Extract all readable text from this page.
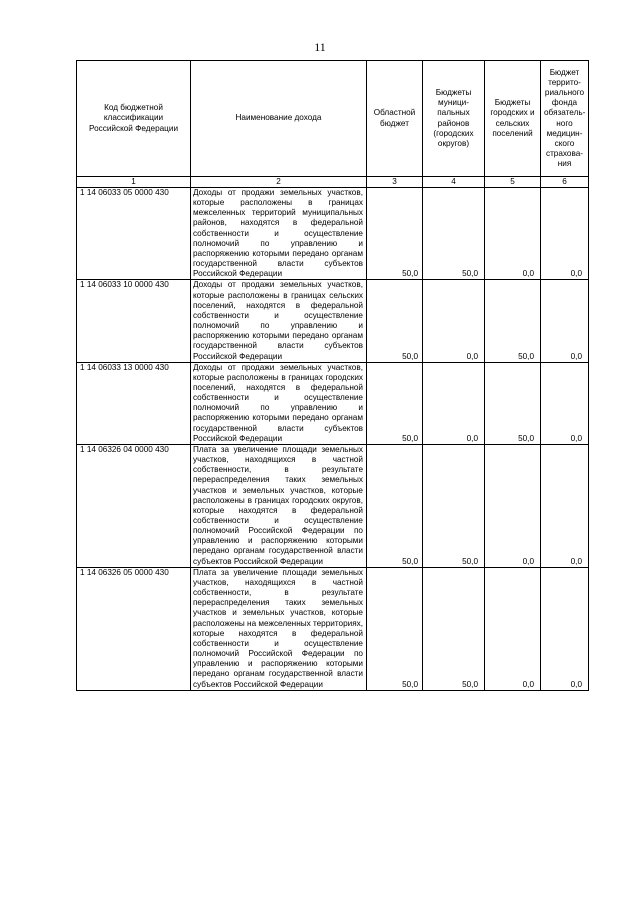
11
Код бюджетной классификации Российской Федерации	Наименование дохода	Областной бюджет	Бюджеты муници-пальных районов (городских округов)	Бюджеты городских и сельских поселений	Бюджет террито-риального фонда обязатель-ного медицин-ского страхова-ния
1	2	3	4	5	6
1 14 06033 05 0000 430	Доходы от продажи земельных участков, которые расположены в границах межселенных территорий муниципальных районов, находятся в федеральной собственности и осуществление полномочий по управлению и распоряжению которыми передано органам государственной власти субъектов Российской Федерации	50,0	50,0	0,0	0,0
1 14 06033 10 0000 430	Доходы от продажи земельных участков, которые расположены в границах сельских поселений, находятся в федеральной собственности и осуществление полномочий по управлению и распоряжению которыми передано органам государственной власти субъектов Российской Федерации	50,0	0,0	50,0	0,0
1 14 06033 13 0000 430	Доходы от продажи земельных участков, которые расположены в границах городских поселений, находятся в федеральной собственности и осуществление полномочий по управлению и распоряжению которыми передано органам государственной власти субъектов Российской Федерации	50,0	0,0	50,0	0,0
1 14 06326 04 0000 430	Плата за увеличение площади земельных участков, находящихся в частной собственности, в результате перераспределения таких земельных участков и земельных участков, которые расположены в границах городских округов, которые находятся в федеральной собственности и осуществление полномочий Российской Федерации по управлению и распоряжению которыми передано органам государственной власти субъектов Российской Федерации	50,0	50,0	0,0	0,0
1 14 06326 05 0000 430	Плата за увеличение площади земельных участков, находящихся в частной собственности, в результате перераспределения таких земельных участков и земельных участков, которые расположены на межселенных территориях, которые находятся в федеральной собственности и осуществление полномочий Российской Федерации по управлению и распоряжению которыми передано органам государственной власти субъектов Российской Федерации	50,0	50,0	0,0	0,0
